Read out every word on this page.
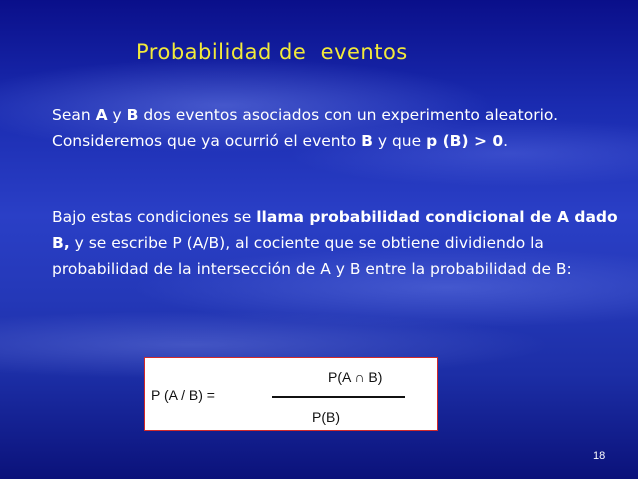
Probabilidad de  eventos

Sean A y B dos eventos asociados con un experimento aleatorio. Consideremos que ya ocurrió el evento B y que p (B) > 0.

Bajo estas condiciones se llama probabilidad condicional de A dado B, y se escribe P (A/B), al cociente que se obtiene dividiendo la probabilidad de la intersección de A y B entre la probabilidad de B:

P (A / B) =
P(A ∩ B)
P(B)
18
